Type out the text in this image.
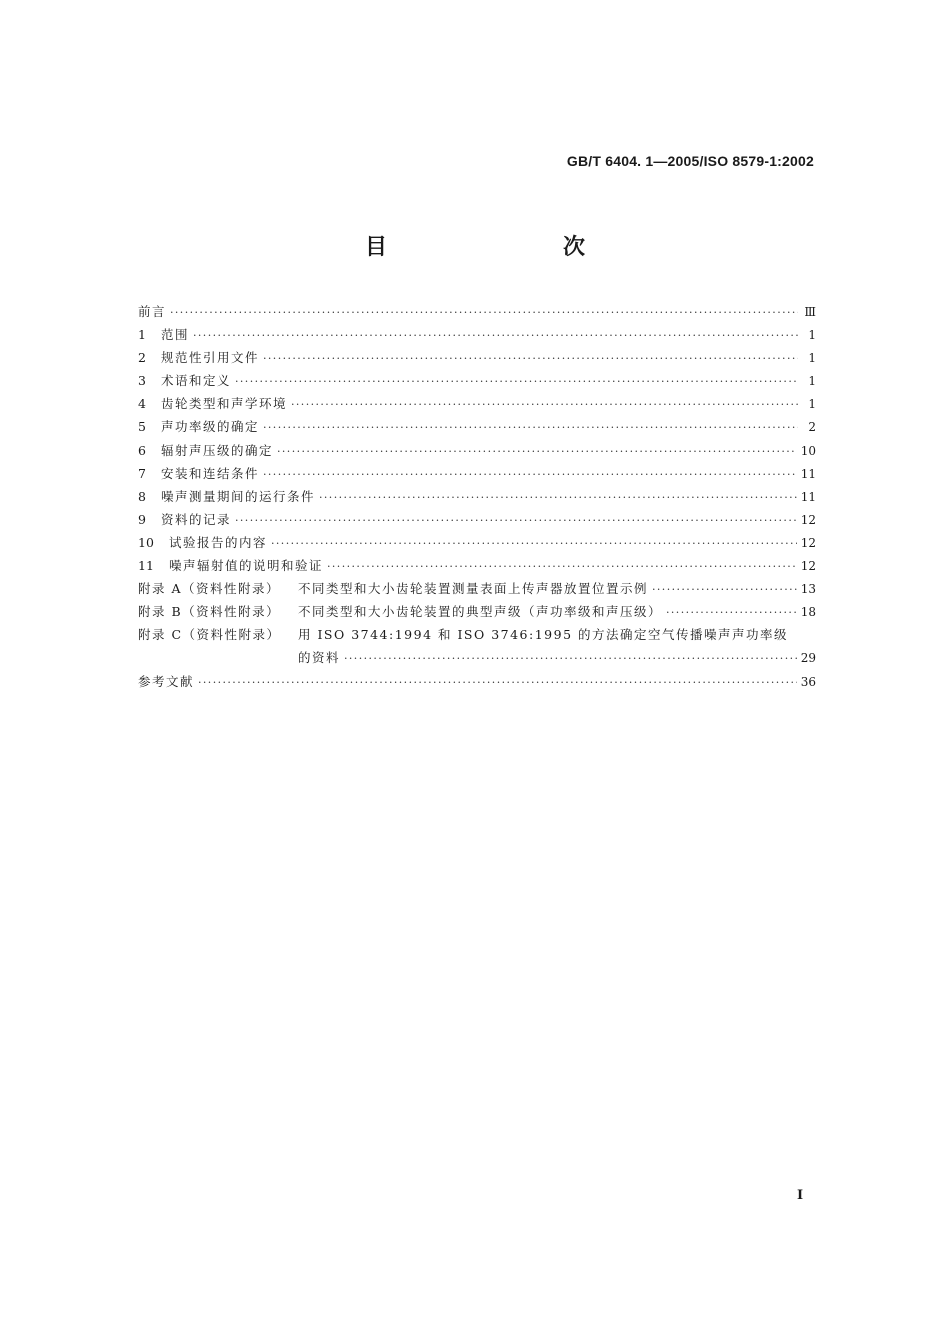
GB/T 6404. 1—2005/ISO 8579-1:2002
目　　次
前言 ·····	Ⅲ
1	范围 ·····	1
2	规范性引用文件 ·····	1
3	术语和定义 ·····	1
4	齿轮类型和声学环境 ·····	1
5	声功率级的确定 ·····	2
6	辐射声压级的确定 ·····	10
7	安装和连结条件 ·····	11
8	噪声测量期间的运行条件 ·····	11
9	资料的记录 ·····	12
10	试验报告的内容 ·····	12
11	噪声辐射值的说明和验证 ·····	12
附录 A（资料性附录）	不同类型和大小齿轮装置测量表面上传声器放置位置示例 ·····	13
附录 B（资料性附录）	不同类型和大小齿轮装置的典型声级（声功率级和声压级） ·····	18
附录 C（资料性附录）	用 ISO 3744:1994 和 ISO 3746:1995 的方法确定空气传播噪声声功率级
的资料 ·····	29
参考文献 ·····	36
I
